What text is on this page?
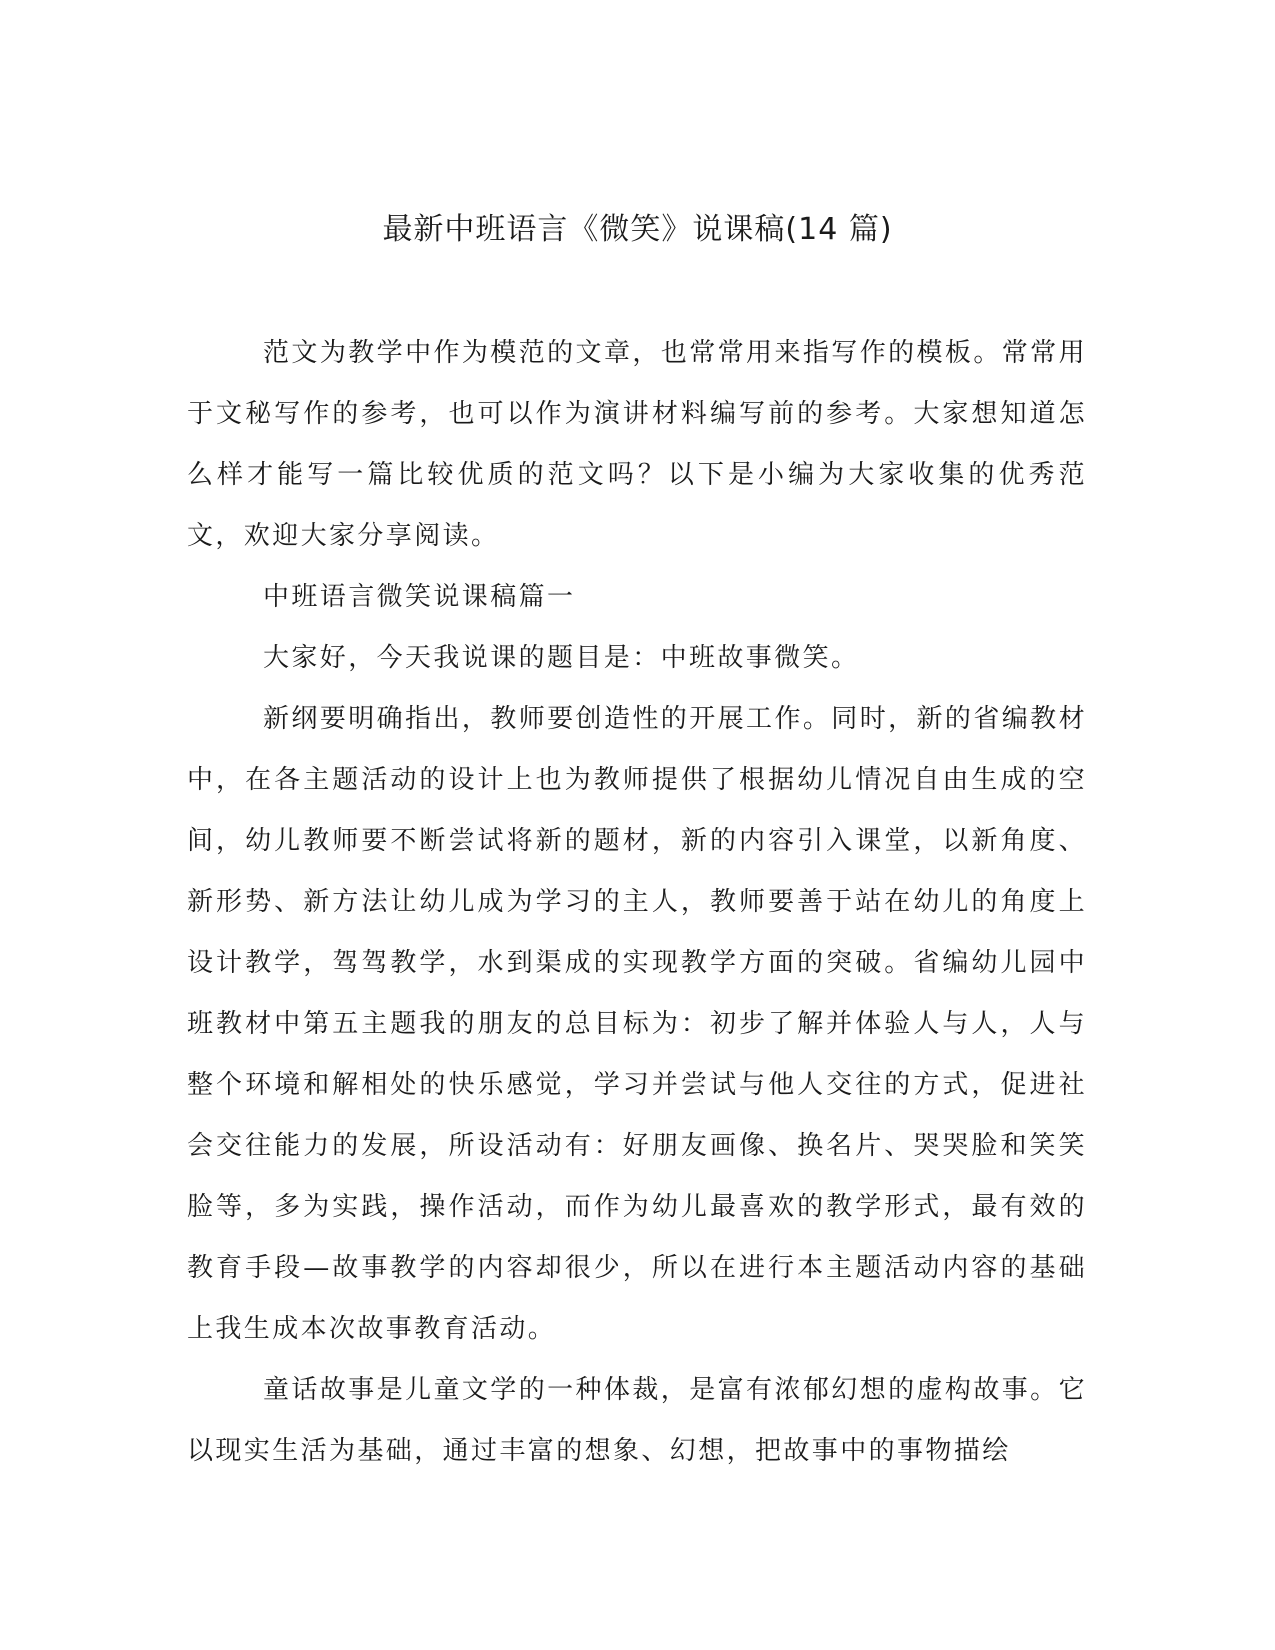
最新中班语言《微笑》说课稿(14 篇)

范文为教学中作为模范的文章，也常常用来指写作的模板。常常用于文秘写作的参考，也可以作为演讲材料编写前的参考。大家想知道怎么样才能写一篇比较优质的范文吗？以下是小编为大家收集的优秀范文，欢迎大家分享阅读。

中班语言微笑说课稿篇一

大家好，今天我说课的题目是：中班故事微笑。

新纲要明确指出，教师要创造性的开展工作。同时，新的省编教材中，在各主题活动的设计上也为教师提供了根据幼儿情况自由生成的空间，幼儿教师要不断尝试将新的题材，新的内容引入课堂，以新角度、新形势、新方法让幼儿成为学习的主人，教师要善于站在幼儿的角度上设计教学，驾驾教学，水到渠成的实现教学方面的突破。省编幼儿园中班教材中第五主题我的朋友的总目标为：初步了解并体验人与人，人与整个环境和解相处的快乐感觉，学习并尝试与他人交往的方式，促进社会交往能力的发展，所设活动有：好朋友画像、换名片、哭哭脸和笑笑脸等，多为实践，操作活动，而作为幼儿最喜欢的教学形式，最有效的教育手段—故事教学的内容却很少，所以在进行本主题活动内容的基础上我生成本次故事教育活动。

童话故事是儿童文学的一种体裁，是富有浓郁幻想的虚构故事。它以现实生活为基础，通过丰富的想象、幻想，把故事中的事物描绘
